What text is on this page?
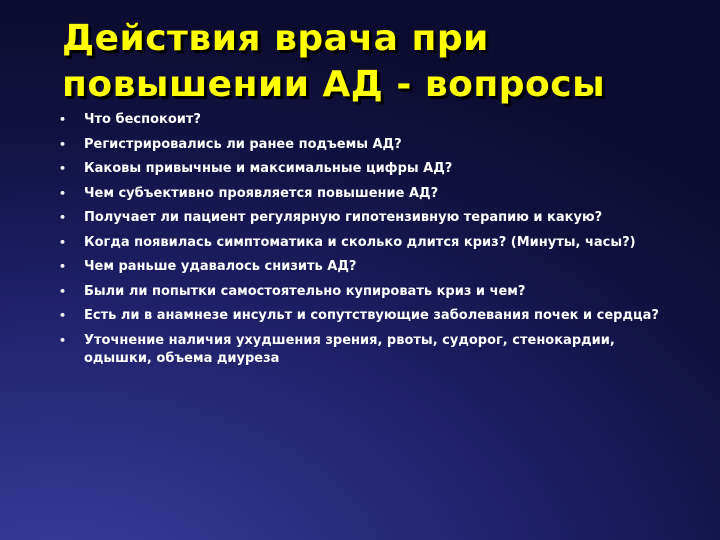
Действия врача при
повышении АД - вопросы
• Что беспокоит?
• Регистрировались ли ранее подъемы АД?
• Каковы привычные и максимальные цифры АД?
• Чем субъективно проявляется повышение АД?
• Получает ли пациент регулярную гипотензивную терапию и какую?
• Когда появилась симптоматика и сколько длится криз? (Минуты, часы?)
• Чем раньше удавалось снизить АД?
• Были ли попытки самостоятельно купировать криз и чем?
• Есть ли в анамнезе инсульт и сопутствующие заболевания почек и сердца?
• Уточнение наличия ухудшения зрения, рвоты, судорог, стенокардии, одышки, объема диуреза
